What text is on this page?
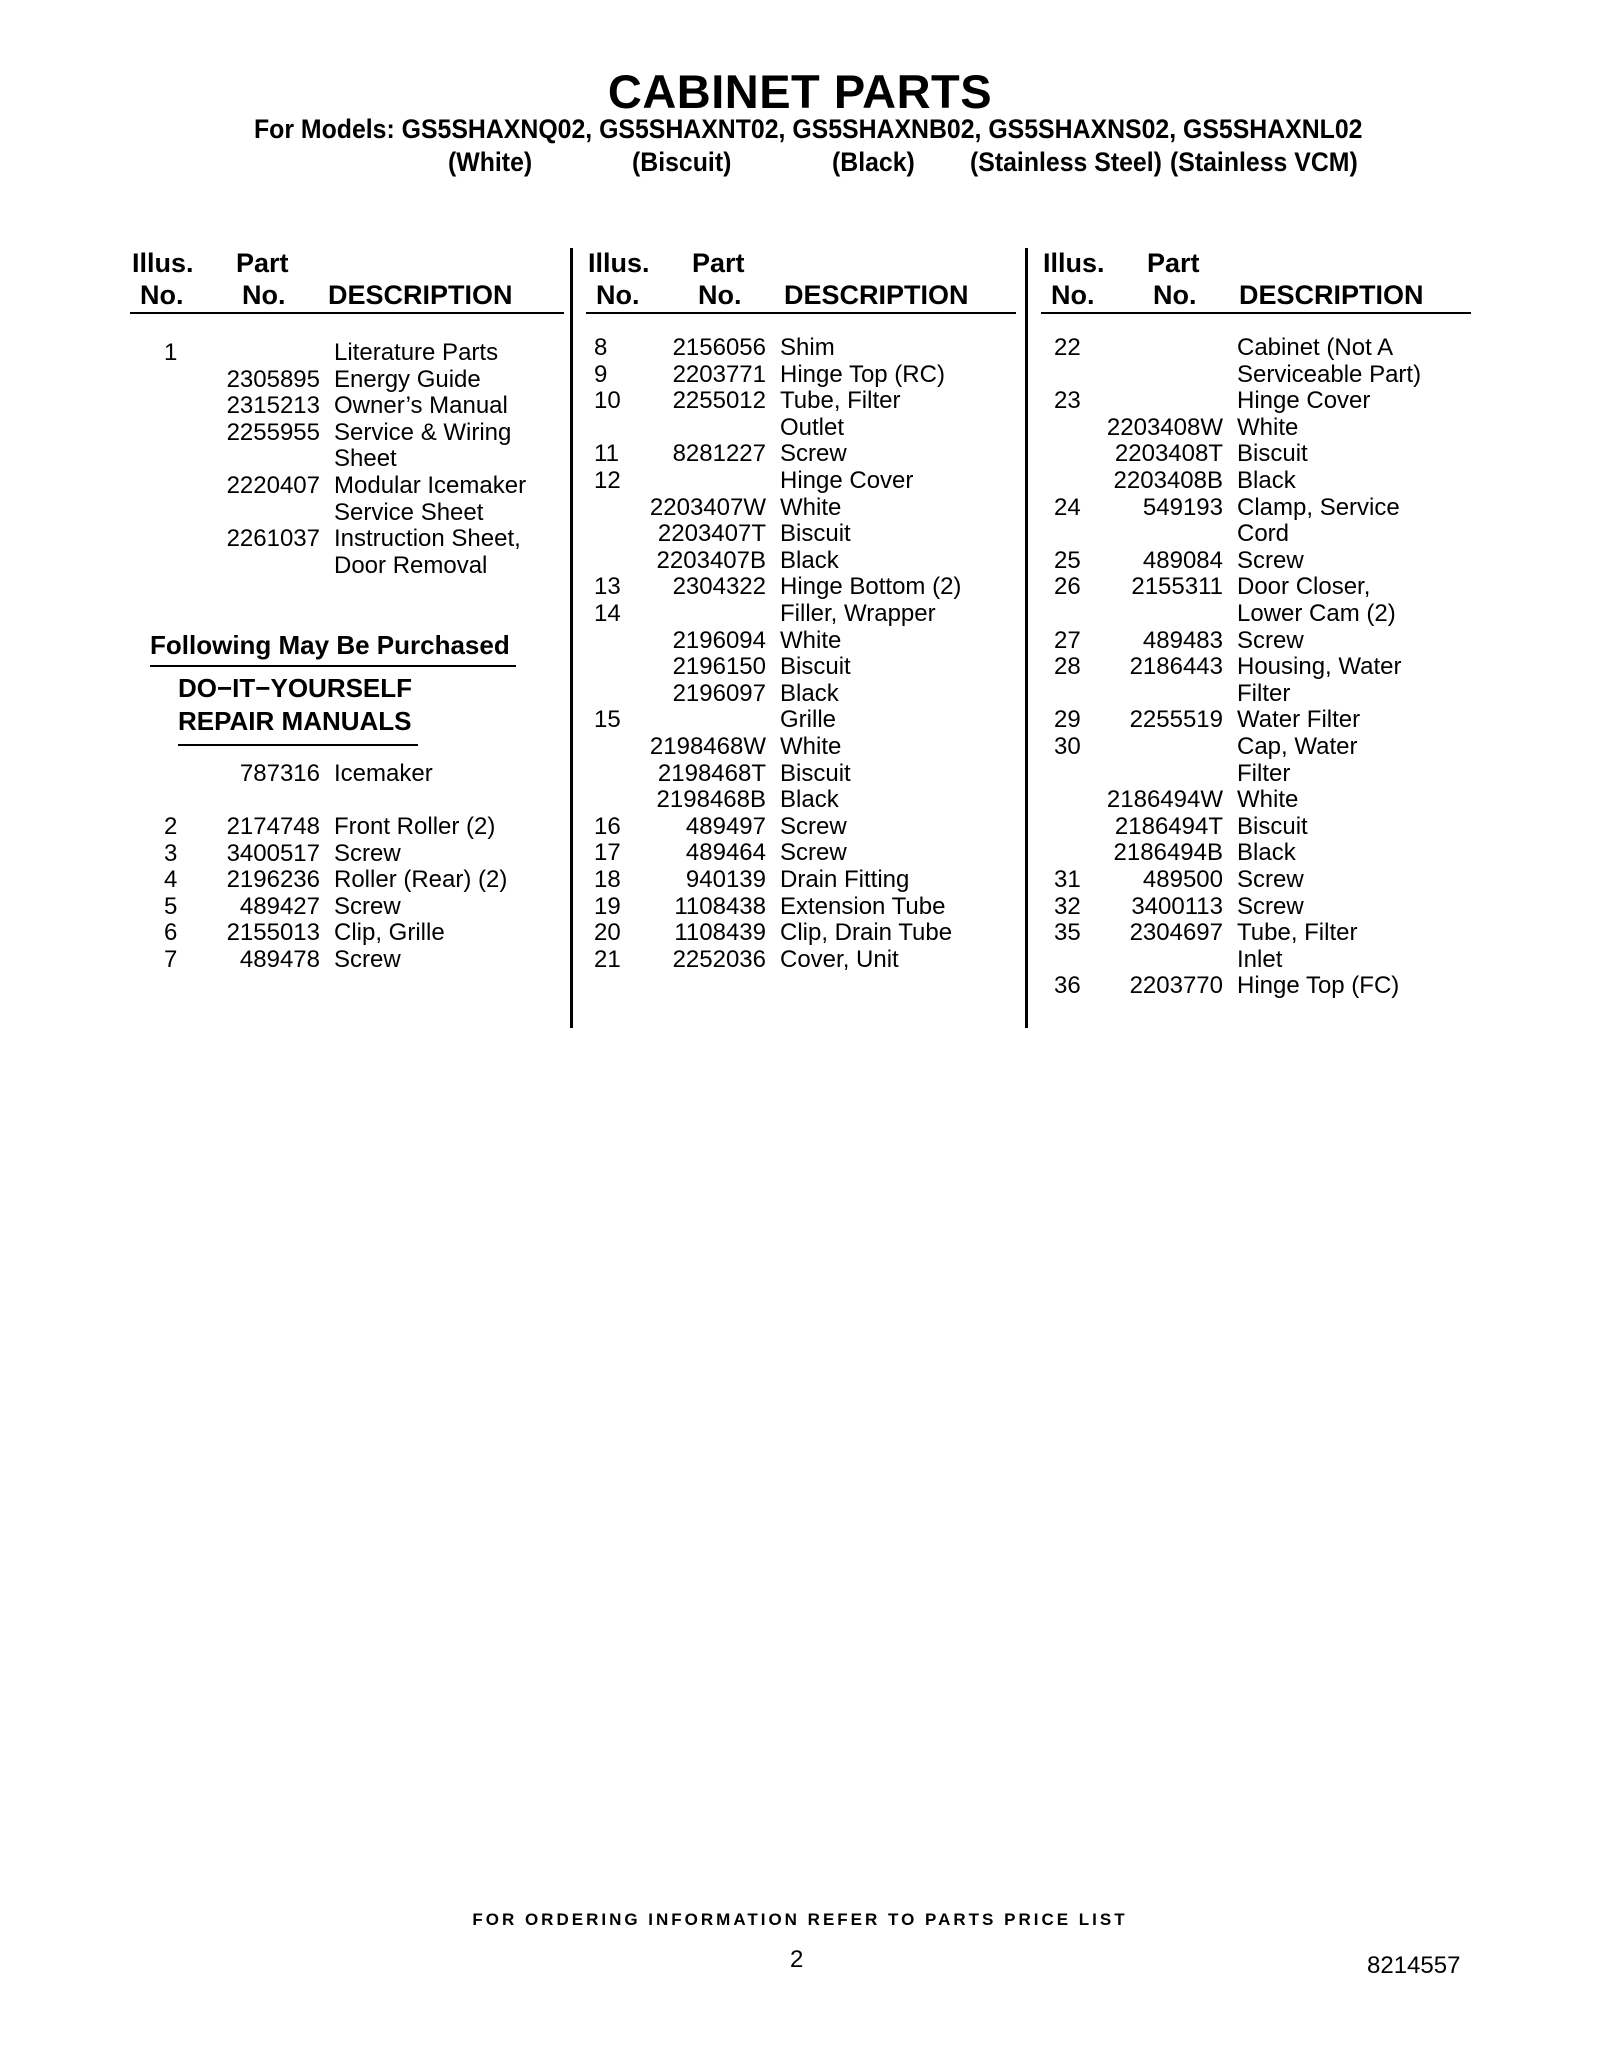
CABINET PARTS
For Models: GS5SHAXNQ02, GS5SHAXNT02, GS5SHAXNB02, GS5SHAXNS02, GS5SHAXNL02
(White)	(Biscuit)	(Black) (Stainless Steel) (Stainless VCM)
Illus.
No.
Part
No. DESCRIPTION
1	Literature Parts
2305895 Energy Guide
2315213 Owner’s Manual
2255955 Service & Wiring
Sheet
2220407 Modular Icemaker
Service Sheet
2261037 Instruction Sheet,
Door Removal
Following May Be Purchased
DO−IT−YOURSELF
REPAIR MANUALS
787316 Icemaker
2	2174748 Front Roller (2)
3	3400517 Screw
4	2196236 Roller (Rear) (2)
5	489427 Screw
6	2155013 Clip, Grille
7	489478 Screw
Illus.
No.
Part
No. DESCRIPTION
8	2156056 Shim
9	2203771 Hinge Top (RC)
10	2255012 Tube, Filter
Outlet
11	8281227 Screw
12	Hinge Cover
2203407W White
2203407T Biscuit
2203407B Black
13	2304322 Hinge Bottom (2)
14	Filler, Wrapper
2196094 White
2196150 Biscuit
2196097 Black
15	Grille
2198468W White
2198468T Biscuit
2198468B Black
16	489497 Screw
17	489464 Screw
18	940139 Drain Fitting
19	1108438 Extension Tube
20	1108439 Clip, Drain Tube
21	2252036 Cover, Unit
Illus.
No.
Part
No. DESCRIPTION
22	Cabinet (Not A
Serviceable Part)
23	Hinge Cover
2203408W White
2203408T Biscuit
2203408B Black
24	549193 Clamp, Service
Cord
25	489084 Screw
26	2155311 Door Closer,
Lower Cam (2)
27	489483 Screw
28	2186443 Housing, Water
Filter
29	2255519 Water Filter
30	Cap, Water
Filter
2186494W White
2186494T Biscuit
2186494B Black
31	489500 Screw
32	3400113 Screw
35	2304697 Tube, Filter
Inlet
36	2203770 Hinge Top (FC)
FOR ORDERING INFORMATION REFER TO PARTS PRICE LIST
2	8214557
